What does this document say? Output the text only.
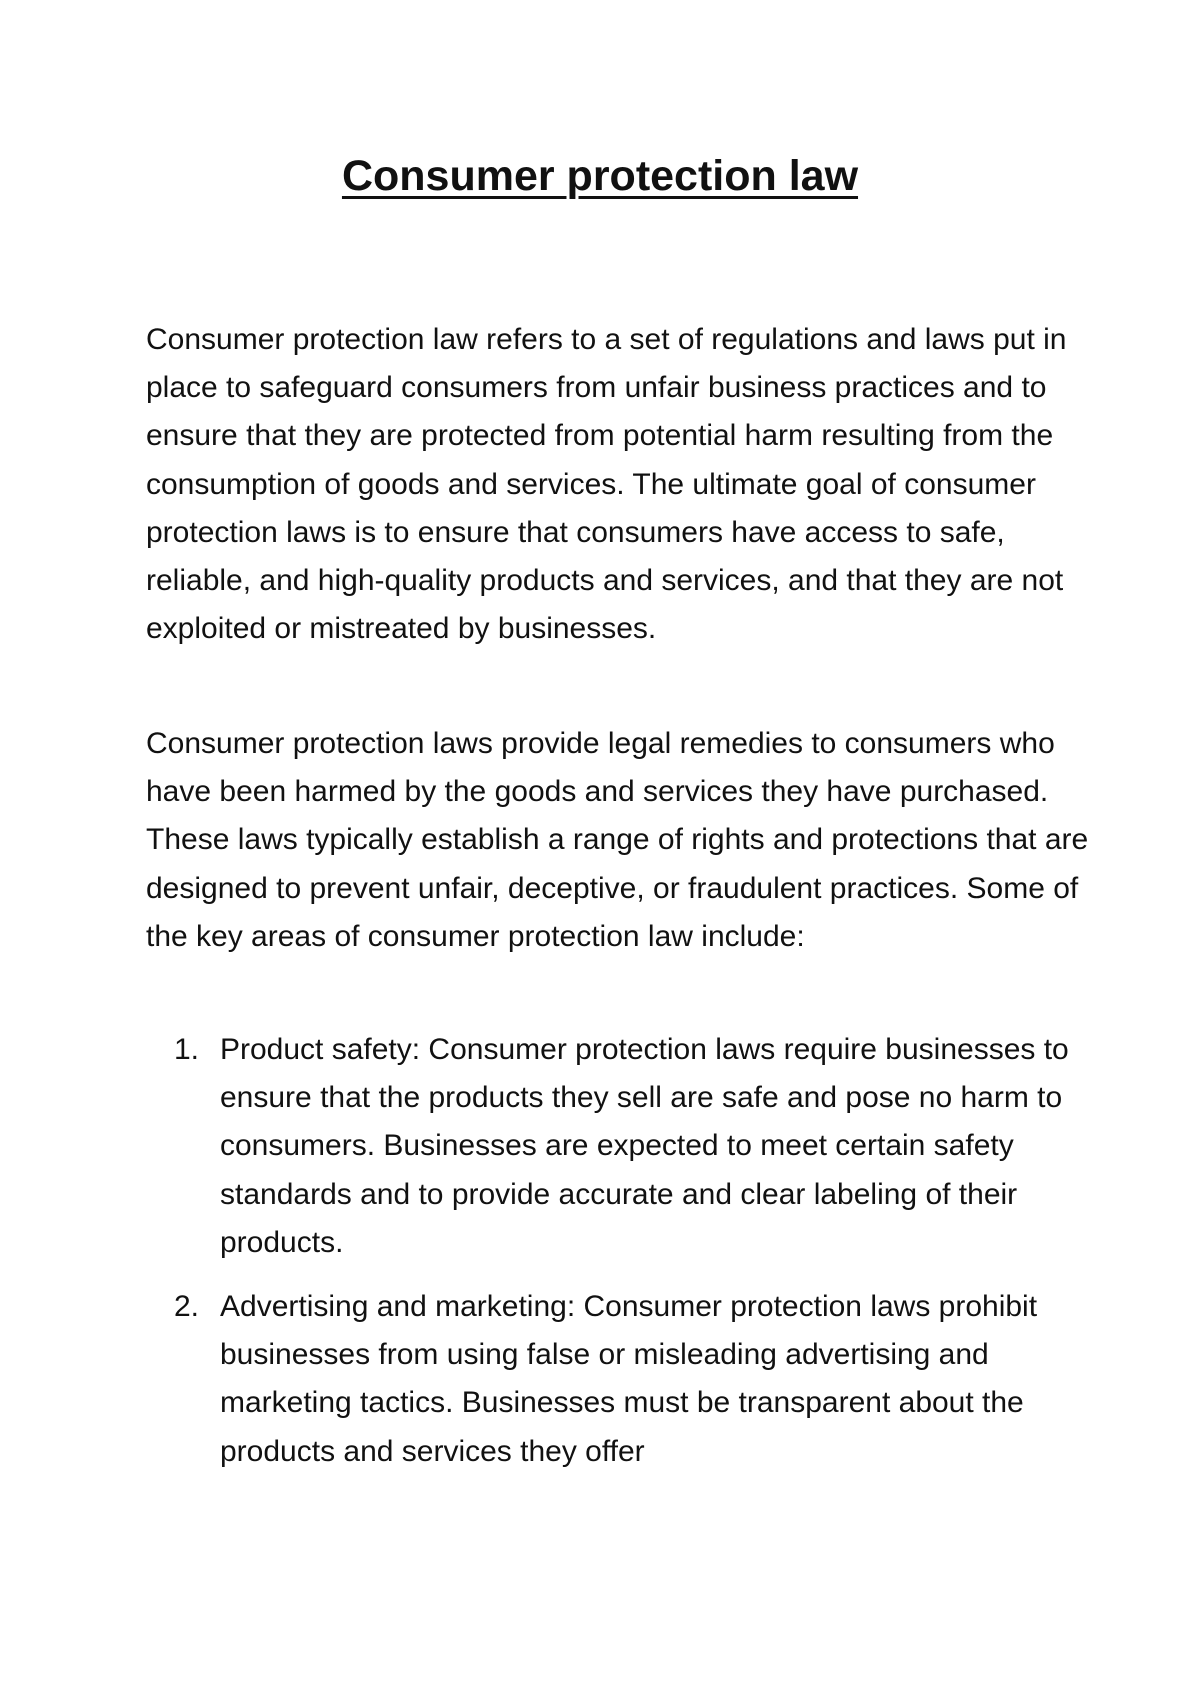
Consumer protection law

Consumer protection law refers to a set of regulations and laws put in place to safeguard consumers from unfair business practices and to ensure that they are protected from potential harm resulting from the consumption of goods and services. The ultimate goal of consumer protection laws is to ensure that consumers have access to safe, reliable, and high-quality products and services, and that they are not exploited or mistreated by businesses.

Consumer protection laws provide legal remedies to consumers who have been harmed by the goods and services they have purchased. These laws typically establish a range of rights and protections that are designed to prevent unfair, deceptive, or fraudulent practices. Some of the key areas of consumer protection law include:

1. Product safety: Consumer protection laws require businesses to ensure that the products they sell are safe and pose no harm to consumers. Businesses are expected to meet certain safety standards and to provide accurate and clear labeling of their products.
2. Advertising and marketing: Consumer protection laws prohibit businesses from using false or misleading advertising and marketing tactics. Businesses must be transparent about the products and services they offer
